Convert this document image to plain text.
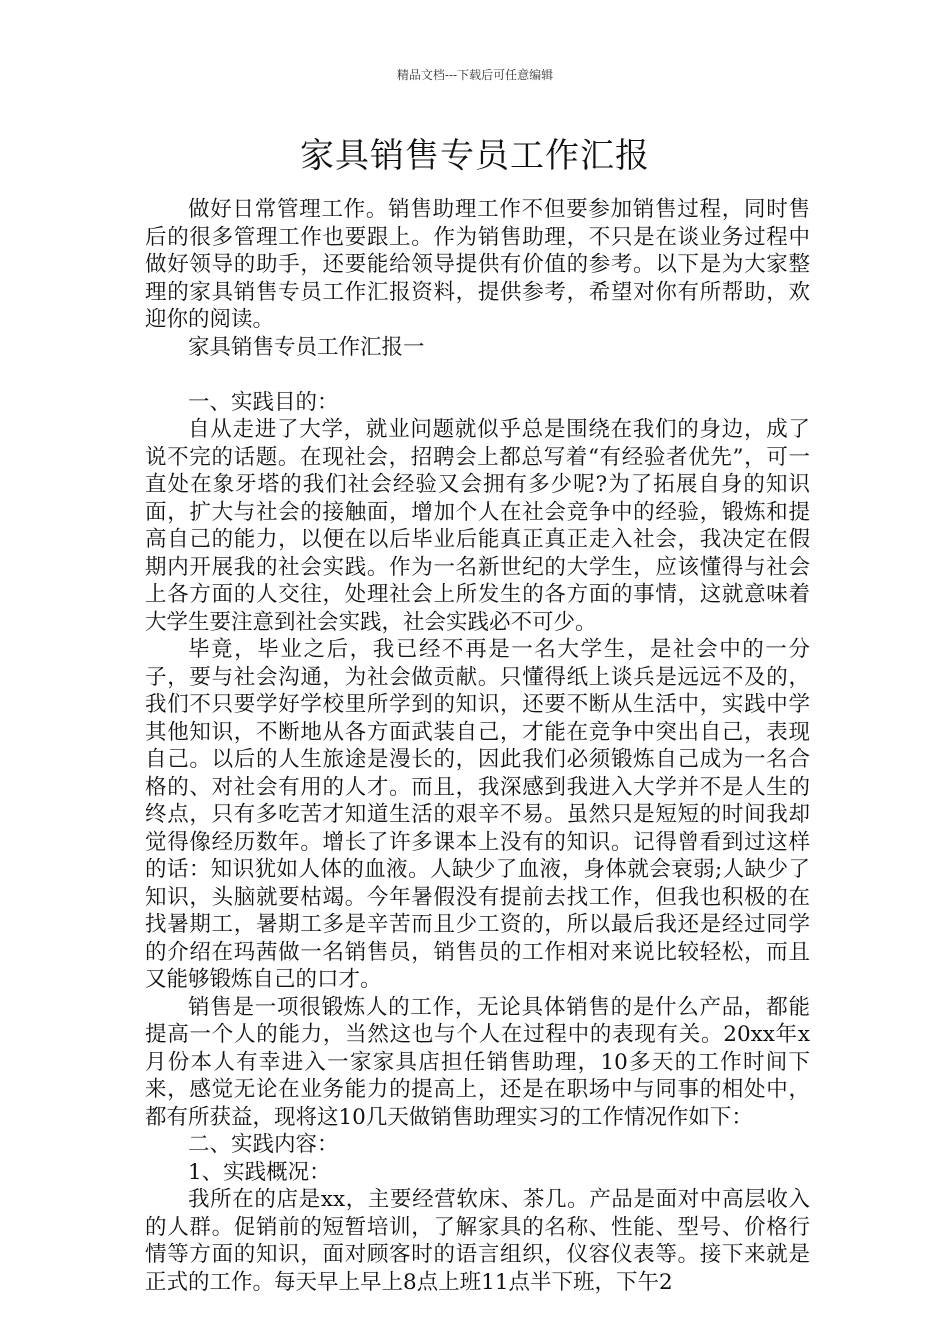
精品文档---下载后可任意编辑
家具销售专员工作汇报

做好日常管理工作。销售助理工作不但要参加销售过程，同时售后的很多管理工作也要跟上。作为销售助理，不只是在谈业务过程中做好领导的助手，还要能给领导提供有价值的参考。以下是为大家整理的家具销售专员工作汇报资料，提供参考，希望对你有所帮助，欢迎你的阅读。

家具销售专员工作汇报一

一、实践目的：

自从走进了大学，就业问题就似乎总是围绕在我们的身边，成了说不完的话题。在现社会，招聘会上都总写着“有经验者优先”，可一直处在象牙塔的我们社会经验又会拥有多少呢?为了拓展自身的知识面，扩大与社会的接触面，增加个人在社会竞争中的经验，锻炼和提高自己的能力，以便在以后毕业后能真正真正走入社会，我决定在假期内开展我的社会实践。作为一名新世纪的大学生，应该懂得与社会上各方面的人交往，处理社会上所发生的各方面的事情，这就意味着大学生要注意到社会实践，社会实践必不可少。

毕竟，毕业之后，我已经不再是一名大学生，是社会中的一分子，要与社会沟通，为社会做贡献。只懂得纸上谈兵是远远不及的，我们不只要学好学校里所学到的知识，还要不断从生活中，实践中学其他知识，不断地从各方面武装自己，才能在竞争中突出自己，表现自己。以后的人生旅途是漫长的，因此我们必须锻炼自己成为一名合格的、对社会有用的人才。而且，我深感到我进入大学并不是人生的终点，只有多吃苦才知道生活的艰辛不易。虽然只是短短的时间我却觉得像经历数年。增长了许多课本上没有的知识。记得曾看到过这样的话：知识犹如人体的血液。人缺少了血液，身体就会衰弱;人缺少了知识，头脑就要枯竭。今年暑假没有提前去找工作，但我也积极的在找暑期工，暑期工多是辛苦而且少工资的，所以最后我还是经过同学的介绍在玛茜做一名销售员，销售员的工作相对来说比较轻松，而且又能够锻炼自己的口才。

销售是一项很锻炼人的工作，无论具体销售的是什么产品，都能提高一个人的能力，当然这也与个人在过程中的表现有关。20xx年x月份本人有幸进入一家家具店担任销售助理，10多天的工作时间下来，感觉无论在业务能力的提高上，还是在职场中与同事的相处中，都有所获益，现将这10几天做销售助理实习的工作情况作如下：

二、实践内容：

1、实践概况：

我所在的店是xx，主要经营软床、茶几。产品是面对中高层收入的人群。促销前的短暂培训，了解家具的名称、性能、型号、价格行情等方面的知识，面对顾客时的语言组织，仪容仪表等。接下来就是正式的工作。每天早上早上8点上班11点半下班，下午2
